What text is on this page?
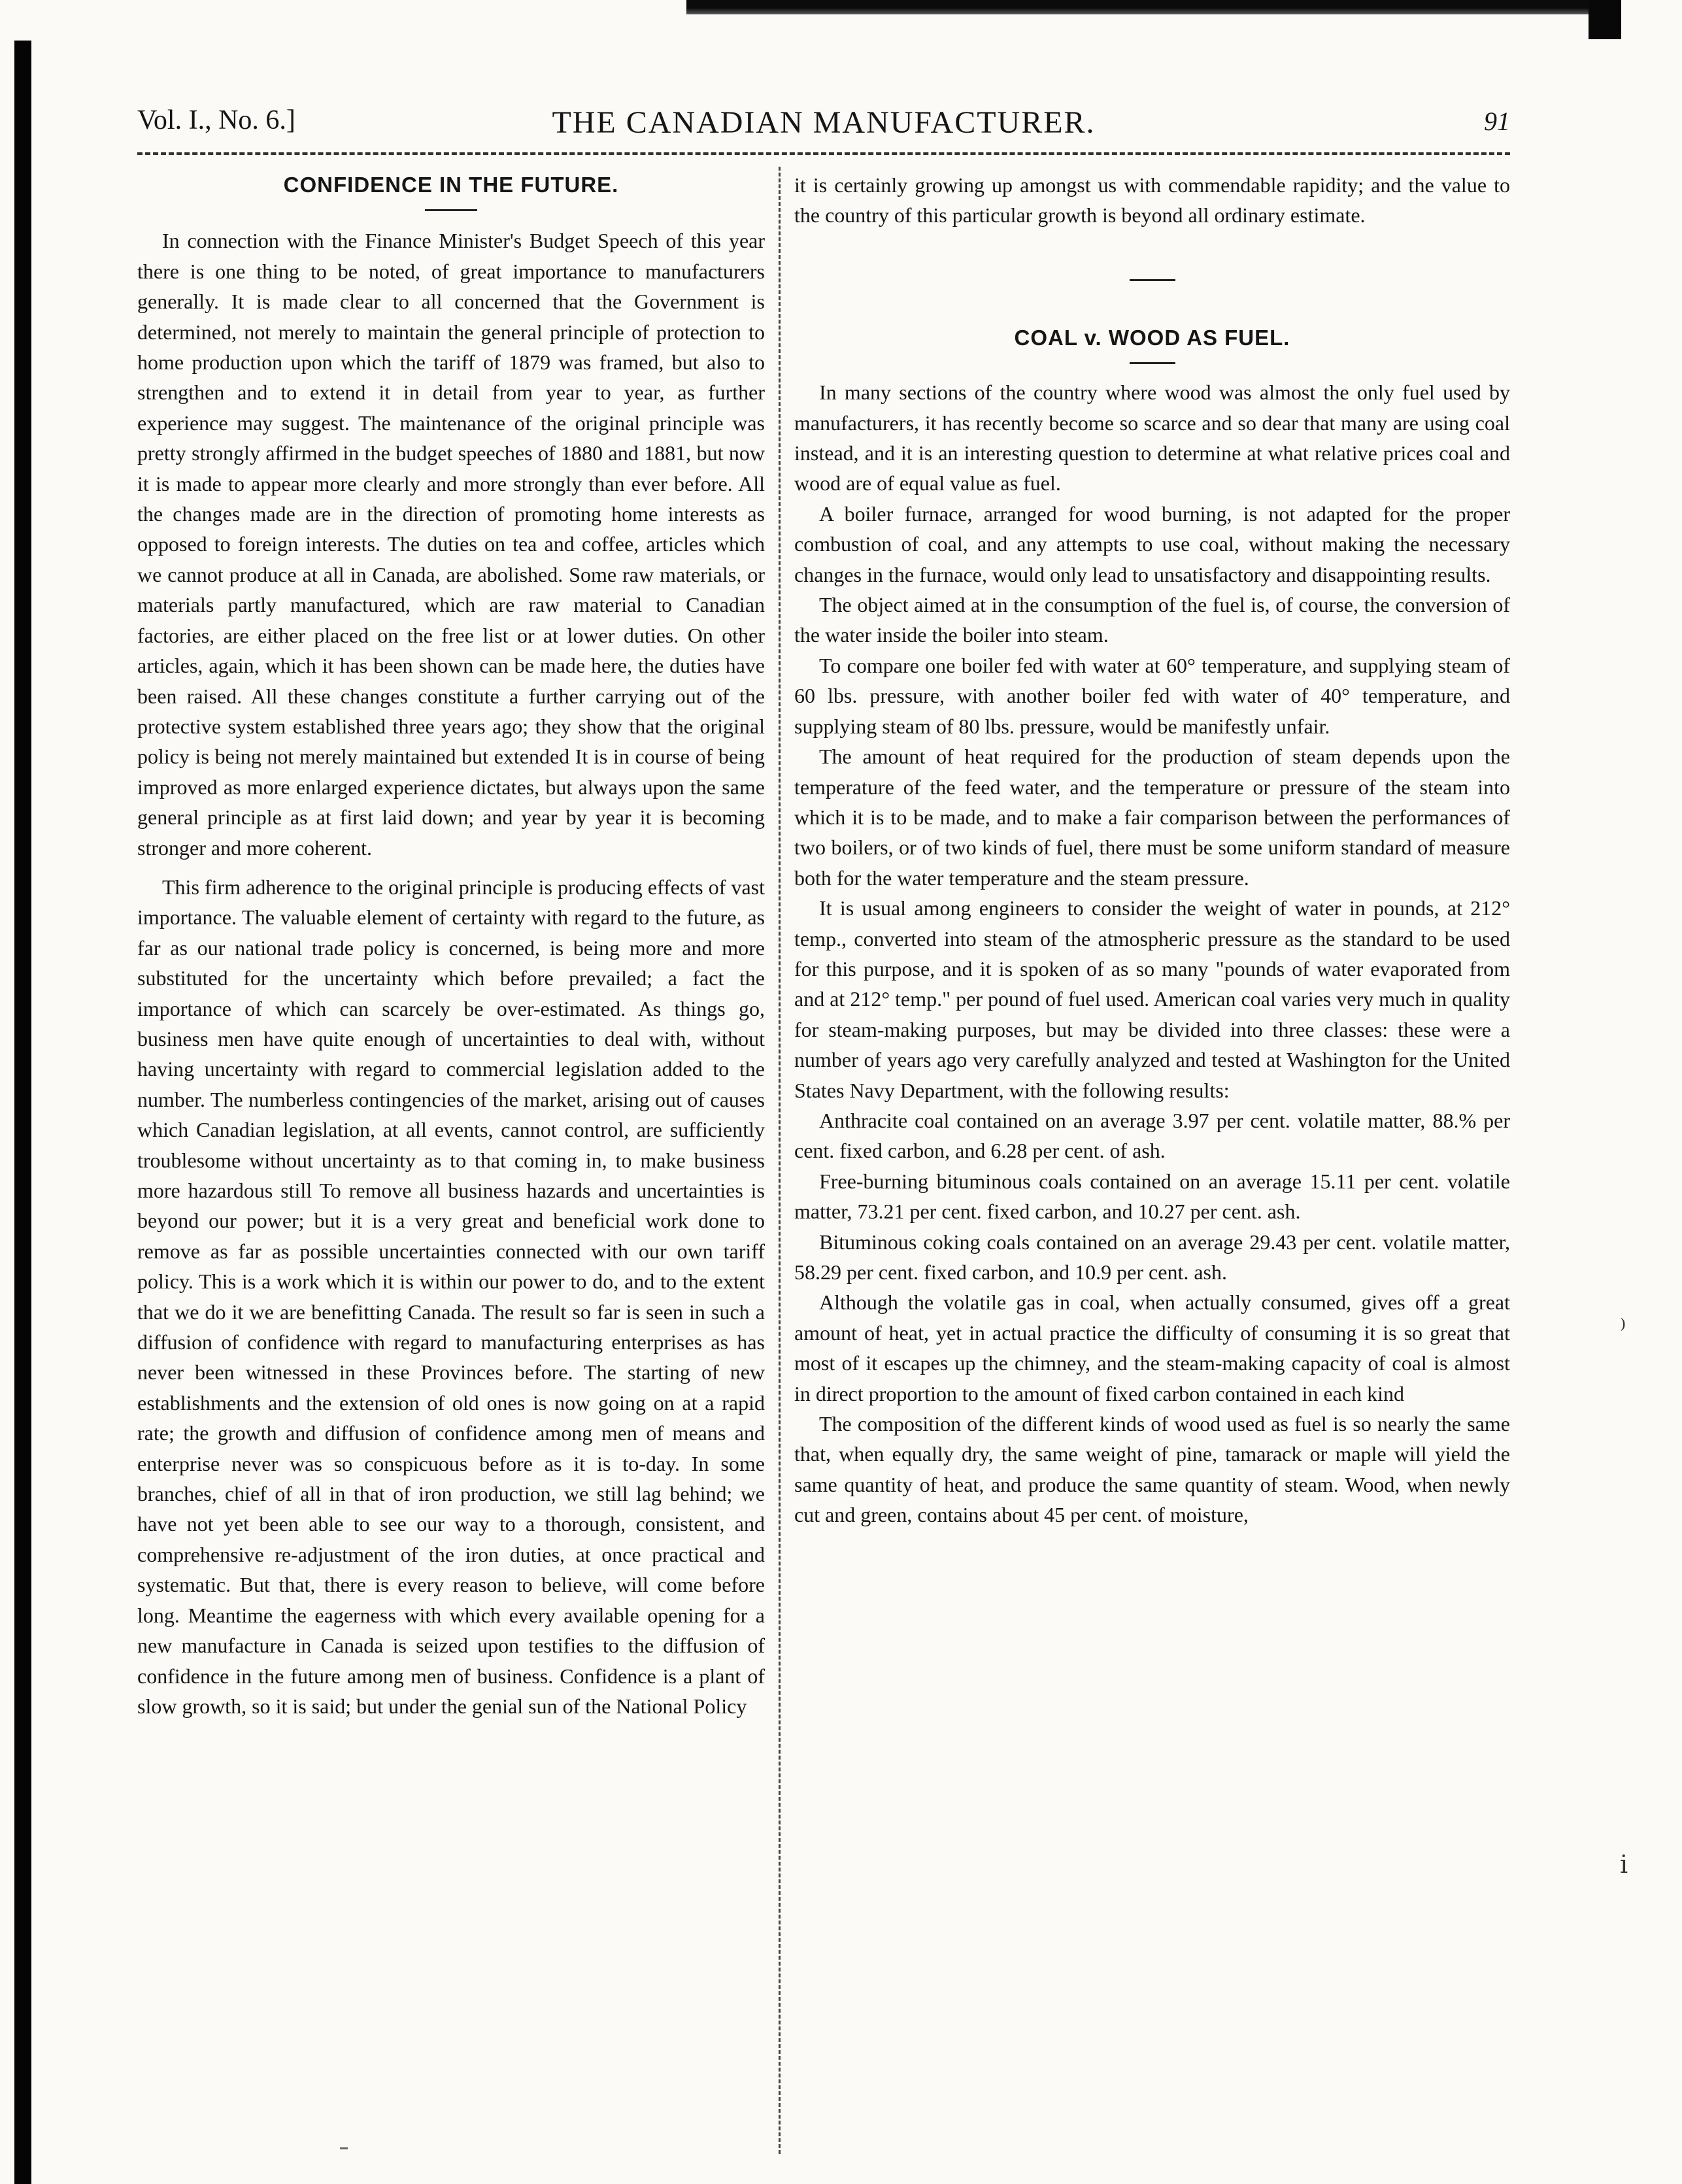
Vol. I., No. 6.]	THE CANADIAN MANUFACTURER.	91
CONFIDENCE IN THE FUTURE.

In connection with the Finance Minister's Budget Speech of this year there is one thing to be noted, of great importance to manufacturers generally. It is made clear to all concerned that the Government is determined, not merely to maintain the general principle of protection to home production upon which the tariff of 1879 was framed, but also to strengthen and to extend it in detail from year to year, as further experience may suggest. The maintenance of the original principle was pretty strongly affirmed in the budget speeches of 1880 and 1881, but now it is made to appear more clearly and more strongly than ever before. All the changes made are in the direction of promoting home interests as opposed to foreign interests. The duties on tea and coffee, articles which we cannot produce at all in Canada, are abolished. Some raw materials, or materials partly manufactured, which are raw material to Canadian factories, are either placed on the free list or at lower duties. On other articles, again, which it has been shown can be made here, the duties have been raised. All these changes constitute a further carrying out of the protective system established three years ago; they show that the original policy is being not merely maintained but extended It is in course of being improved as more enlarged experience dictates, but always upon the same general principle as at first laid down; and year by year it is becoming stronger and more coherent.

This firm adherence to the original principle is producing effects of vast importance. The valuable element of certainty with regard to the future, as far as our national trade policy is concerned, is being more and more substituted for the uncertainty which before prevailed; a fact the importance of which can scarcely be over-estimated. As things go, business men have quite enough of uncertainties to deal with, without having uncertainty with regard to commercial legislation added to the number. The numberless contingencies of the market, arising out of causes which Canadian legislation, at all events, cannot control, are sufficiently troublesome without uncertainty as to that coming in, to make business more hazardous still To remove all business hazards and uncertainties is beyond our power; but it is a very great and beneficial work done to remove as far as possible uncertainties connected with our own tariff policy. This is a work which it is within our power to do, and to the extent that we do it we are benefitting Canada. The result so far is seen in such a diffusion of confidence with regard to manufacturing enterprises as has never been witnessed in these Provinces before. The starting of new establishments and the extension of old ones is now going on at a rapid rate; the growth and diffusion of confidence among men of means and enterprise never was so conspicuous before as it is to-day. In some branches, chief of all in that of iron production, we still lag behind; we have not yet been able to see our way to a thorough, consistent, and comprehensive re-adjustment of the iron duties, at once practical and systematic. But that, there is every reason to believe, will come before long. Meantime the eagerness with which every available opening for a new manufacture in Canada is seized upon testifies to the diffusion of confidence in the future among men of business. Confidence is a plant of slow growth, so it is said; but under the genial sun of the National Policy

it is certainly growing up amongst us with commendable rapidity; and the value to the country of this particular growth is beyond all ordinary estimate.

COAL v. WOOD AS FUEL.

In many sections of the country where wood was almost the only fuel used by manufacturers, it has recently become so scarce and so dear that many are using coal instead, and it is an interesting question to determine at what relative prices coal and wood are of equal value as fuel.

A boiler furnace, arranged for wood burning, is not adapted for the proper combustion of coal, and any attempts to use coal, without making the necessary changes in the furnace, would only lead to unsatisfactory and disappointing results.

The object aimed at in the consumption of the fuel is, of course, the conversion of the water inside the boiler into steam.

To compare one boiler fed with water at 60° temperature, and supplying steam of 60 lbs. pressure, with another boiler fed with water of 40° temperature, and supplying steam of 80 lbs. pressure, would be manifestly unfair.

The amount of heat required for the production of steam depends upon the temperature of the feed water, and the temperature or pressure of the steam into which it is to be made, and to make a fair comparison between the performances of two boilers, or of two kinds of fuel, there must be some uniform standard of measure both for the water temperature and the steam pressure.

It is usual among engineers to consider the weight of water in pounds, at 212° temp., converted into steam of the atmospheric pressure as the standard to be used for this purpose, and it is spoken of as so many "pounds of water evaporated from and at 212° temp." per pound of fuel used. American coal varies very much in quality for steam-making purposes, but may be divided into three classes: these were a number of years ago very carefully analyzed and tested at Washington for the United States Navy Department, with the following results:

Anthracite coal contained on an average 3.97 per cent. volatile matter, 88.% per cent. fixed carbon, and 6.28 per cent. of ash.

Free-burning bituminous coals contained on an average 15.11 per cent. volatile matter, 73.21 per cent. fixed carbon, and 10.27 per cent. ash.

Bituminous coking coals contained on an average 29.43 per cent. volatile matter, 58.29 per cent. fixed carbon, and 10.9 per cent. ash.

Although the volatile gas in coal, when actually consumed, gives off a great amount of heat, yet in actual practice the difficulty of consuming it is so great that most of it escapes up the chimney, and the steam-making capacity of coal is almost in direct proportion to the amount of fixed carbon contained in each kind

The composition of the different kinds of wood used as fuel is so nearly the same that, when equally dry, the same weight of pine, tamarack or maple will yield the same quantity of heat, and produce the same quantity of steam. Wood, when newly cut and green, contains about 45 per cent. of moisture,

⁾
ⅰ
